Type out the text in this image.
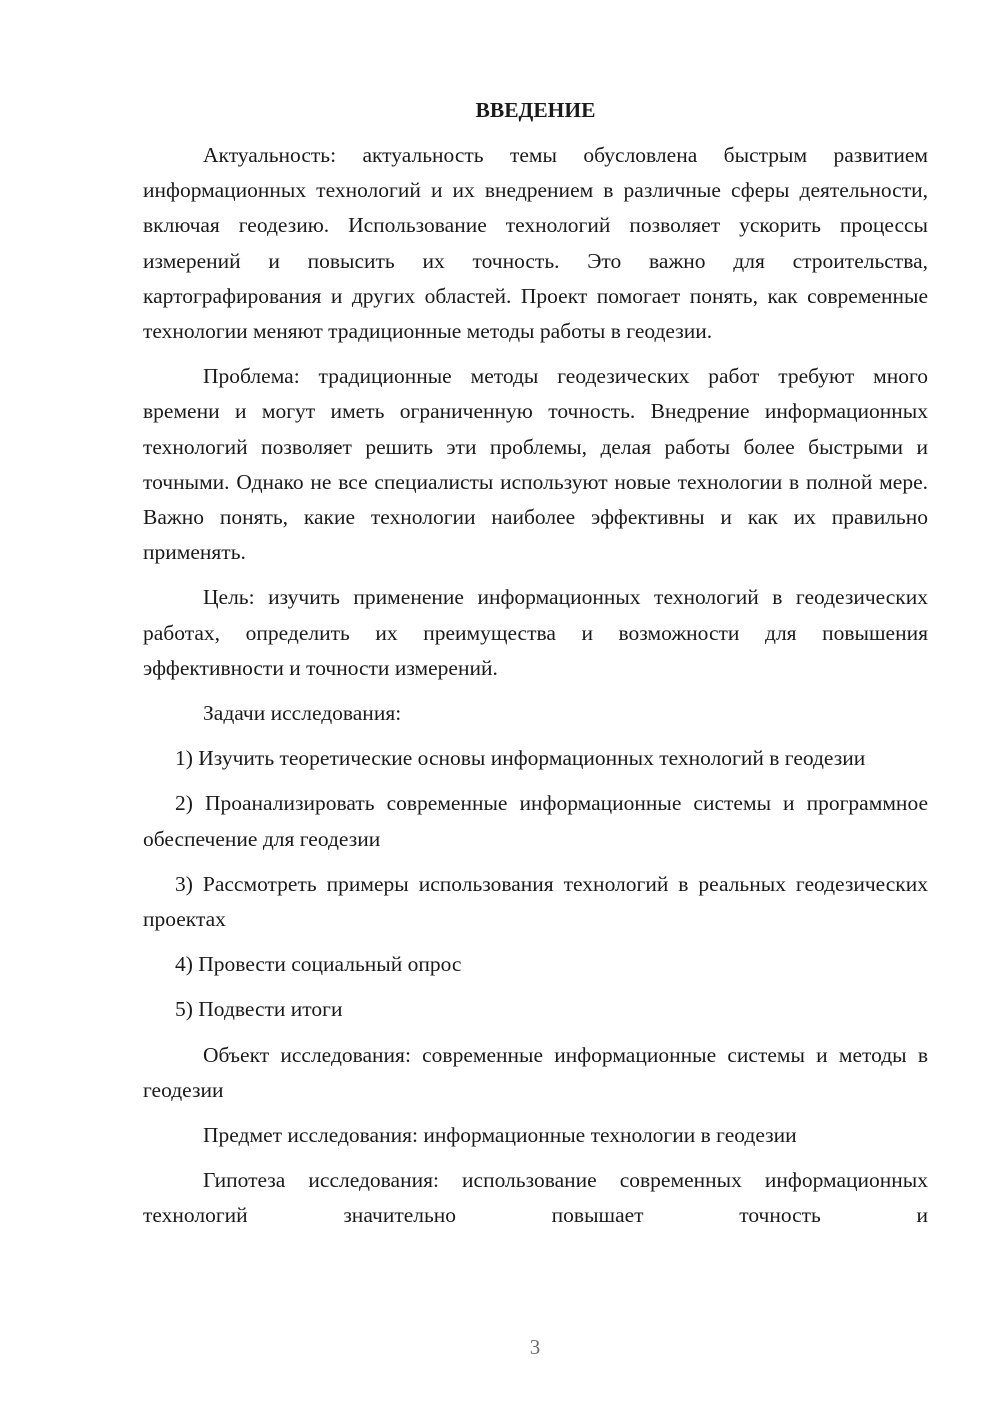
ВВЕДЕНИЕ

Актуальность: актуальность темы обусловлена быстрым развитием информационных технологий и их внедрением в различные сферы деятельности, включая геодезию. Использование технологий позволяет ускорить процессы измерений и повысить их точность. Это важно для строительства, картографирования и других областей. Проект помогает понять, как современные технологии меняют традиционные методы работы в геодезии.

Проблема: традиционные методы геодезических работ требуют много времени и могут иметь ограниченную точность. Внедрение информационных технологий позволяет решить эти проблемы, делая работы более быстрыми и точными. Однако не все специалисты используют новые технологии в полной мере. Важно понять, какие технологии наиболее эффективны и как их правильно применять.

Цель: изучить применение информационных технологий в геодезических работах, определить их преимущества и возможности для повышения эффективности и точности измерений.

Задачи исследования:

1) Изучить теоретические основы информационных технологий в геодезии

2) Проанализировать современные информационные системы и программное обеспечение для геодезии

3) Рассмотреть примеры использования технологий в реальных геодезических проектах

4) Провести социальный опрос

5) Подвести итоги

Объект исследования: современные информационные системы и методы в геодезии

Предмет исследования: информационные технологии в геодезии

Гипотеза исследования: использование современных информационных технологий значительно повышает точность и

3
